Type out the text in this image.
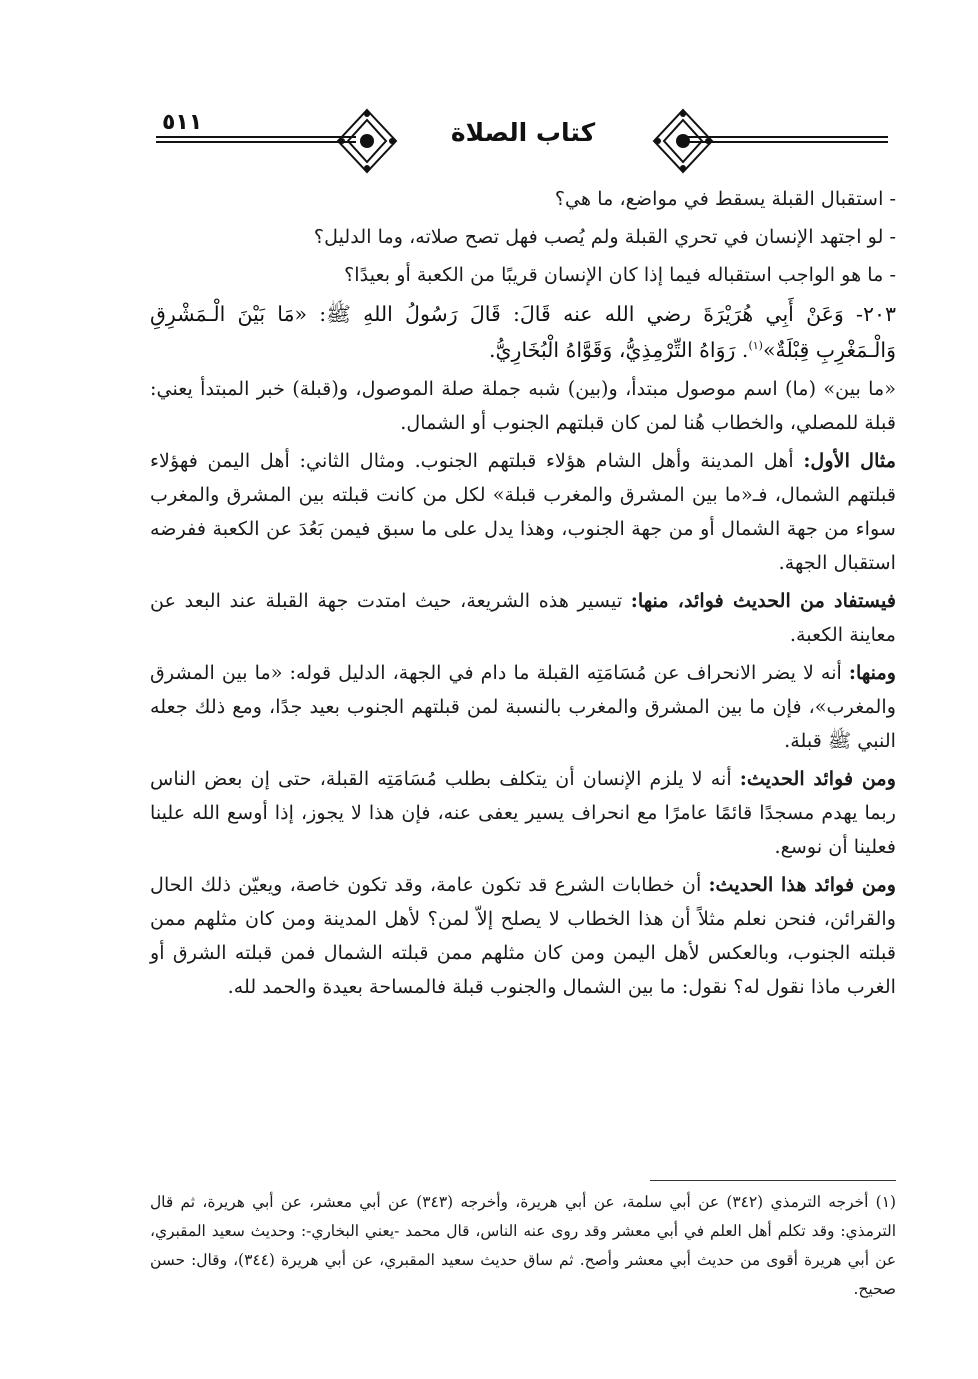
٥١١	كتاب الصلاة

- استقبال القبلة يسقط في مواضع، ما هي؟

- لو اجتهد الإنسان في تحري القبلة ولم يُصب فهل تصح صلاته، وما الدليل؟

- ما هو الواجب استقباله فيما إذا كان الإنسان قريبًا من الكعبة أو بعيدًا؟

٢٠٣- وَعَنْ أَبِي هُرَيْرَةَ رضي الله عنه قَالَ: قَالَ رَسُولُ اللهِ ﷺ: «مَا بَيْنَ الْـمَشْرِقِ وَالْـمَغْرِبِ قِبْلَةٌ»$^{(١)}$. رَوَاهُ التِّرْمِذِيُّ، وَقَوَّاهُ الْبُخَارِيُّ.

«ما بين» (ما) اسم موصول مبتدأ، و(بين) شبه جملة صلة الموصول، و(قبلة) خبر المبتدأ يعني: قبلة للمصلي، والخطاب هُنا لمن كان قبلتهم الجنوب أو الشمال.

مثال الأول: أهل المدينة وأهل الشام هؤلاء قبلتهم الجنوب. ومثال الثاني: أهل اليمن فهؤلاء قبلتهم الشمال، فـ«ما بين المشرق والمغرب قبلة» لكل من كانت قبلته بين المشرق والمغرب سواء من جهة الشمال أو من جهة الجنوب، وهذا يدل على ما سبق فيمن بَعُدَ عن الكعبة ففرضه استقبال الجهة.

فيستفاد من الحديث فوائد، منها: تيسير هذه الشريعة، حيث امتدت جهة القبلة عند البعد عن معاينة الكعبة.

ومنها: أنه لا يضر الانحراف عن مُسَامَتِه القبلة ما دام في الجهة، الدليل قوله: «ما بين المشرق والمغرب»، فإن ما بين المشرق والمغرب بالنسبة لمن قبلتهم الجنوب بعيد جدًا، ومع ذلك جعله النبي ﷺ قبلة.

ومن فوائد الحديث: أنه لا يلزم الإنسان أن يتكلف بطلب مُسَامَتِه القبلة، حتى إن بعض الناس ربما يهدم مسجدًا قائمًا عامرًا مع انحراف يسير يعفى عنه، فإن هذا لا يجوز، إذا أوسع الله علينا فعلينا أن نوسع.

ومن فوائد هذا الحديث: أن خطابات الشرع قد تكون عامة، وقد تكون خاصة، ويعيّن ذلك الحال والقرائن، فنحن نعلم مثلاً أن هذا الخطاب لا يصلح إلاّ لمن؟ لأهل المدينة ومن كان مثلهم ممن قبلته الجنوب، وبالعكس لأهل اليمن ومن كان مثلهم ممن قبلته الشمال فمن قبلته الشرق أو الغرب ماذا نقول له؟ نقول: ما بين الشمال والجنوب قبلة فالمساحة بعيدة والحمد لله.

(١) أخرجه الترمذي (٣٤٢) عن أبي سلمة، عن أبي هريرة، وأخرجه (٣٤٣) عن أبي معشر، عن أبي هريرة، ثم قال الترمذي: وقد تكلم أهل العلم في أبي معشر وقد روى عنه الناس، قال محمد -يعني البخاري-: وحديث سعيد المقبري، عن أبي هريرة أقوى من حديث أبي معشر وأصح. ثم ساق حديث سعيد المقبري، عن أبي هريرة (٣٤٤)، وقال: حسن صحيح.
